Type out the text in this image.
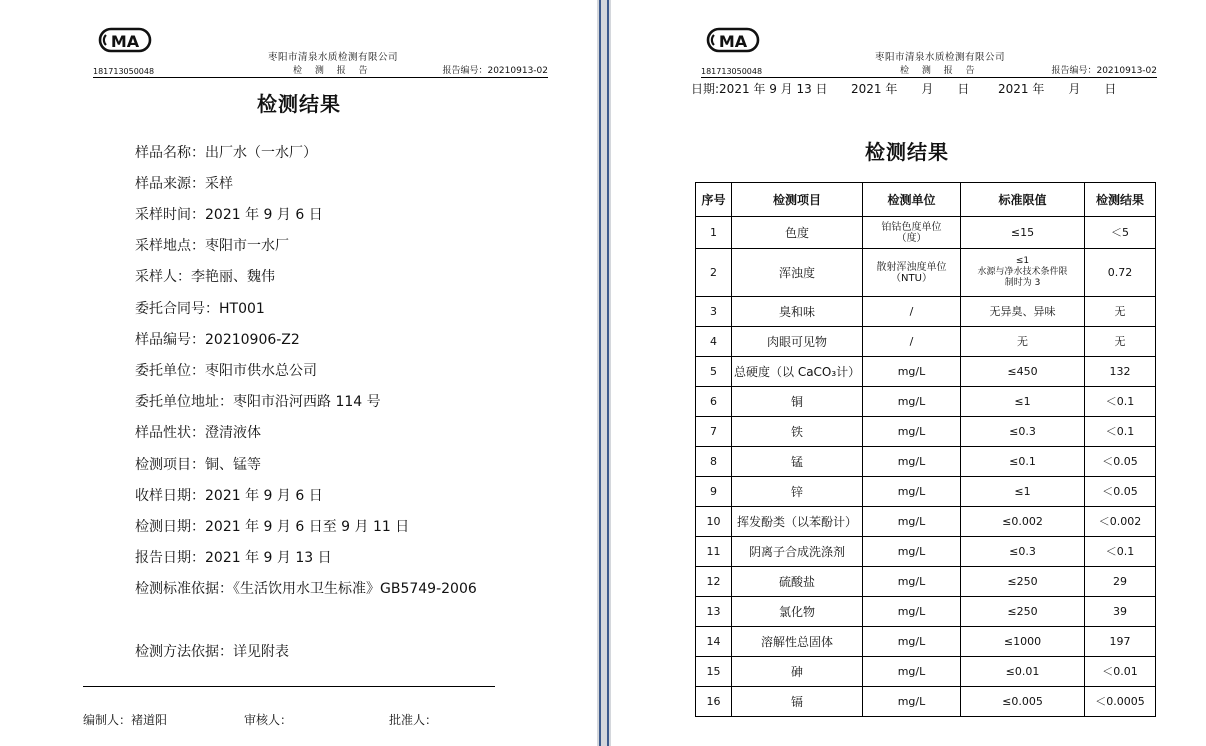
MA
枣阳市清泉水质检测有限公司
181713050048	检 测 报 告	报告编号：20210913-02
检测结果
样品名称：出厂水（一水厂）
样品来源：采样
采样时间：2021 年 9 月 6 日
采样地点：枣阳市一水厂
采样人：李艳丽、魏伟
委托合同号：HT001
样品编号：20210906-Z2
委托单位：枣阳市供水总公司
委托单位地址：枣阳市沿河西路 114 号
样品性状：澄清液体
检测项目：铜、锰等
收样日期：2021 年 9 月 6 日
检测日期：2021 年 9 月 6 日至 9 月 11 日
报告日期：2021 年 9 月 13 日
检测标准依据：《生活饮用水卫生标准》GB5749-2006
检测方法依据：详见附表
编制人：褚道阳	审核人：	批准人：
MA
枣阳市清泉水质检测有限公司
181713050048	检 测 报 告	报告编号：20210913-02
日期:2021 年 9 月 13 日 2021 年　　月　　日 2021 年　　月　　日
检测结果
序号	检测项目	检测单位	标准限值	检测结果
1	色度	铂钴色度单位
（度）	≤15	＜5
2	浑浊度	散射浑浊度单位
（NTU）	≤1
水源与净水技术条件限
制时为 3	0.72
3	臭和味	/	无异臭、异味	无
4	肉眼可见物	/	无	无
5	总硬度（以 CaCO₃计）	mg/L	≤450	132
6	铜	mg/L	≤1	＜0.1
7	铁	mg/L	≤0.3	＜0.1
8	锰	mg/L	≤0.1	＜0.05
9	锌	mg/L	≤1	＜0.05
10	挥发酚类（以苯酚计）	mg/L	≤0.002	＜0.002
11	阴离子合成洗涤剂	mg/L	≤0.3	＜0.1
12	硫酸盐	mg/L	≤250	29
13	氯化物	mg/L	≤250	39
14	溶解性总固体	mg/L	≤1000	197
15	砷	mg/L	≤0.01	＜0.01
16	镉	mg/L	≤0.005	＜0.0005
